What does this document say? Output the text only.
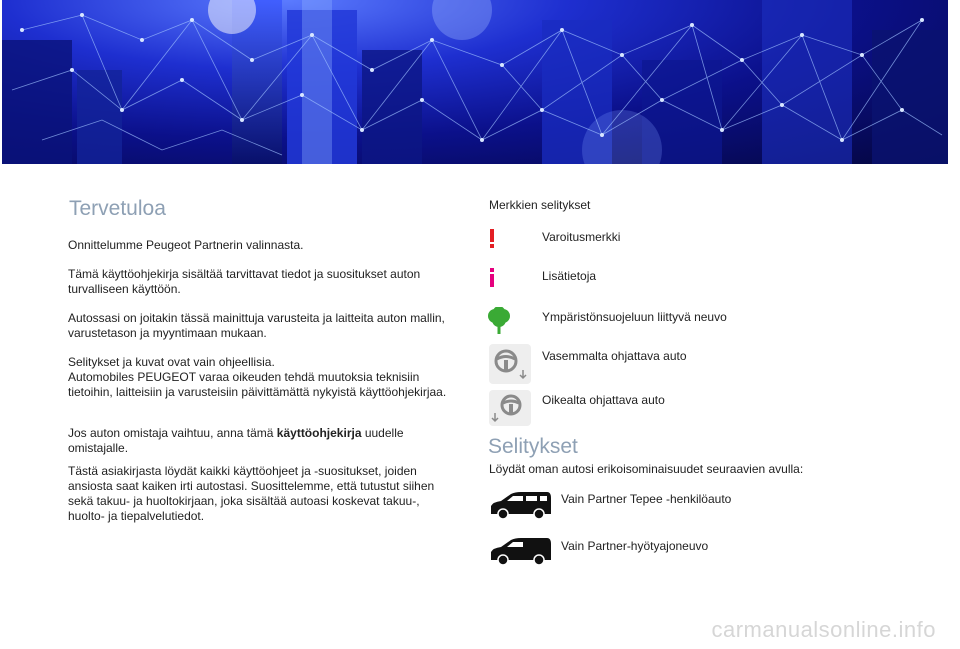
Tervetuloa

Onnittelumme Peugeot Partnerin valinnasta.

Tämä käyttöohjekirja sisältää tarvittavat tiedot ja suositukset auton
turvalliseen käyttöön.
Autossasi on joitakin tässä mainittuja varusteita ja laitteita auton mallin,
varustetason ja myyntimaan mukaan.
Selitykset ja kuvat ovat vain ohjeellisia.
Automobiles PEUGEOT varaa oikeuden tehdä muutoksia teknisiin
tietoihin, laitteisiin ja varusteisiin päivittämättä nykyistä käyttöohjekirjaa.
Jos auton omistaja vaihtuu, anna tämä käyttöohjekirja uudelle
omistajalle.
Tästä asiakirjasta löydät kaikki käyttöohjeet ja -suositukset, joiden
ansiosta saat kaiken irti autostasi. Suosittelemme, että tutustut siihen
sekä takuu- ja huoltokirjaan, joka sisältää autoasi koskevat takuu-,
huolto- ja tiepalvelutiedot.
Merkkien selitykset
Varoitusmerkki
Lisätietoja
Ympäristönsuojeluun liittyvä neuvo
Vasemmalta ohjattava auto
Oikealta ohjattava auto
Selitykset
Löydät oman autosi erikoisominaisuudet seuraavien avulla:
Vain Partner Tepee -henkilöauto
Vain Partner-hyötyajoneuvo
carmanualsonline.info
